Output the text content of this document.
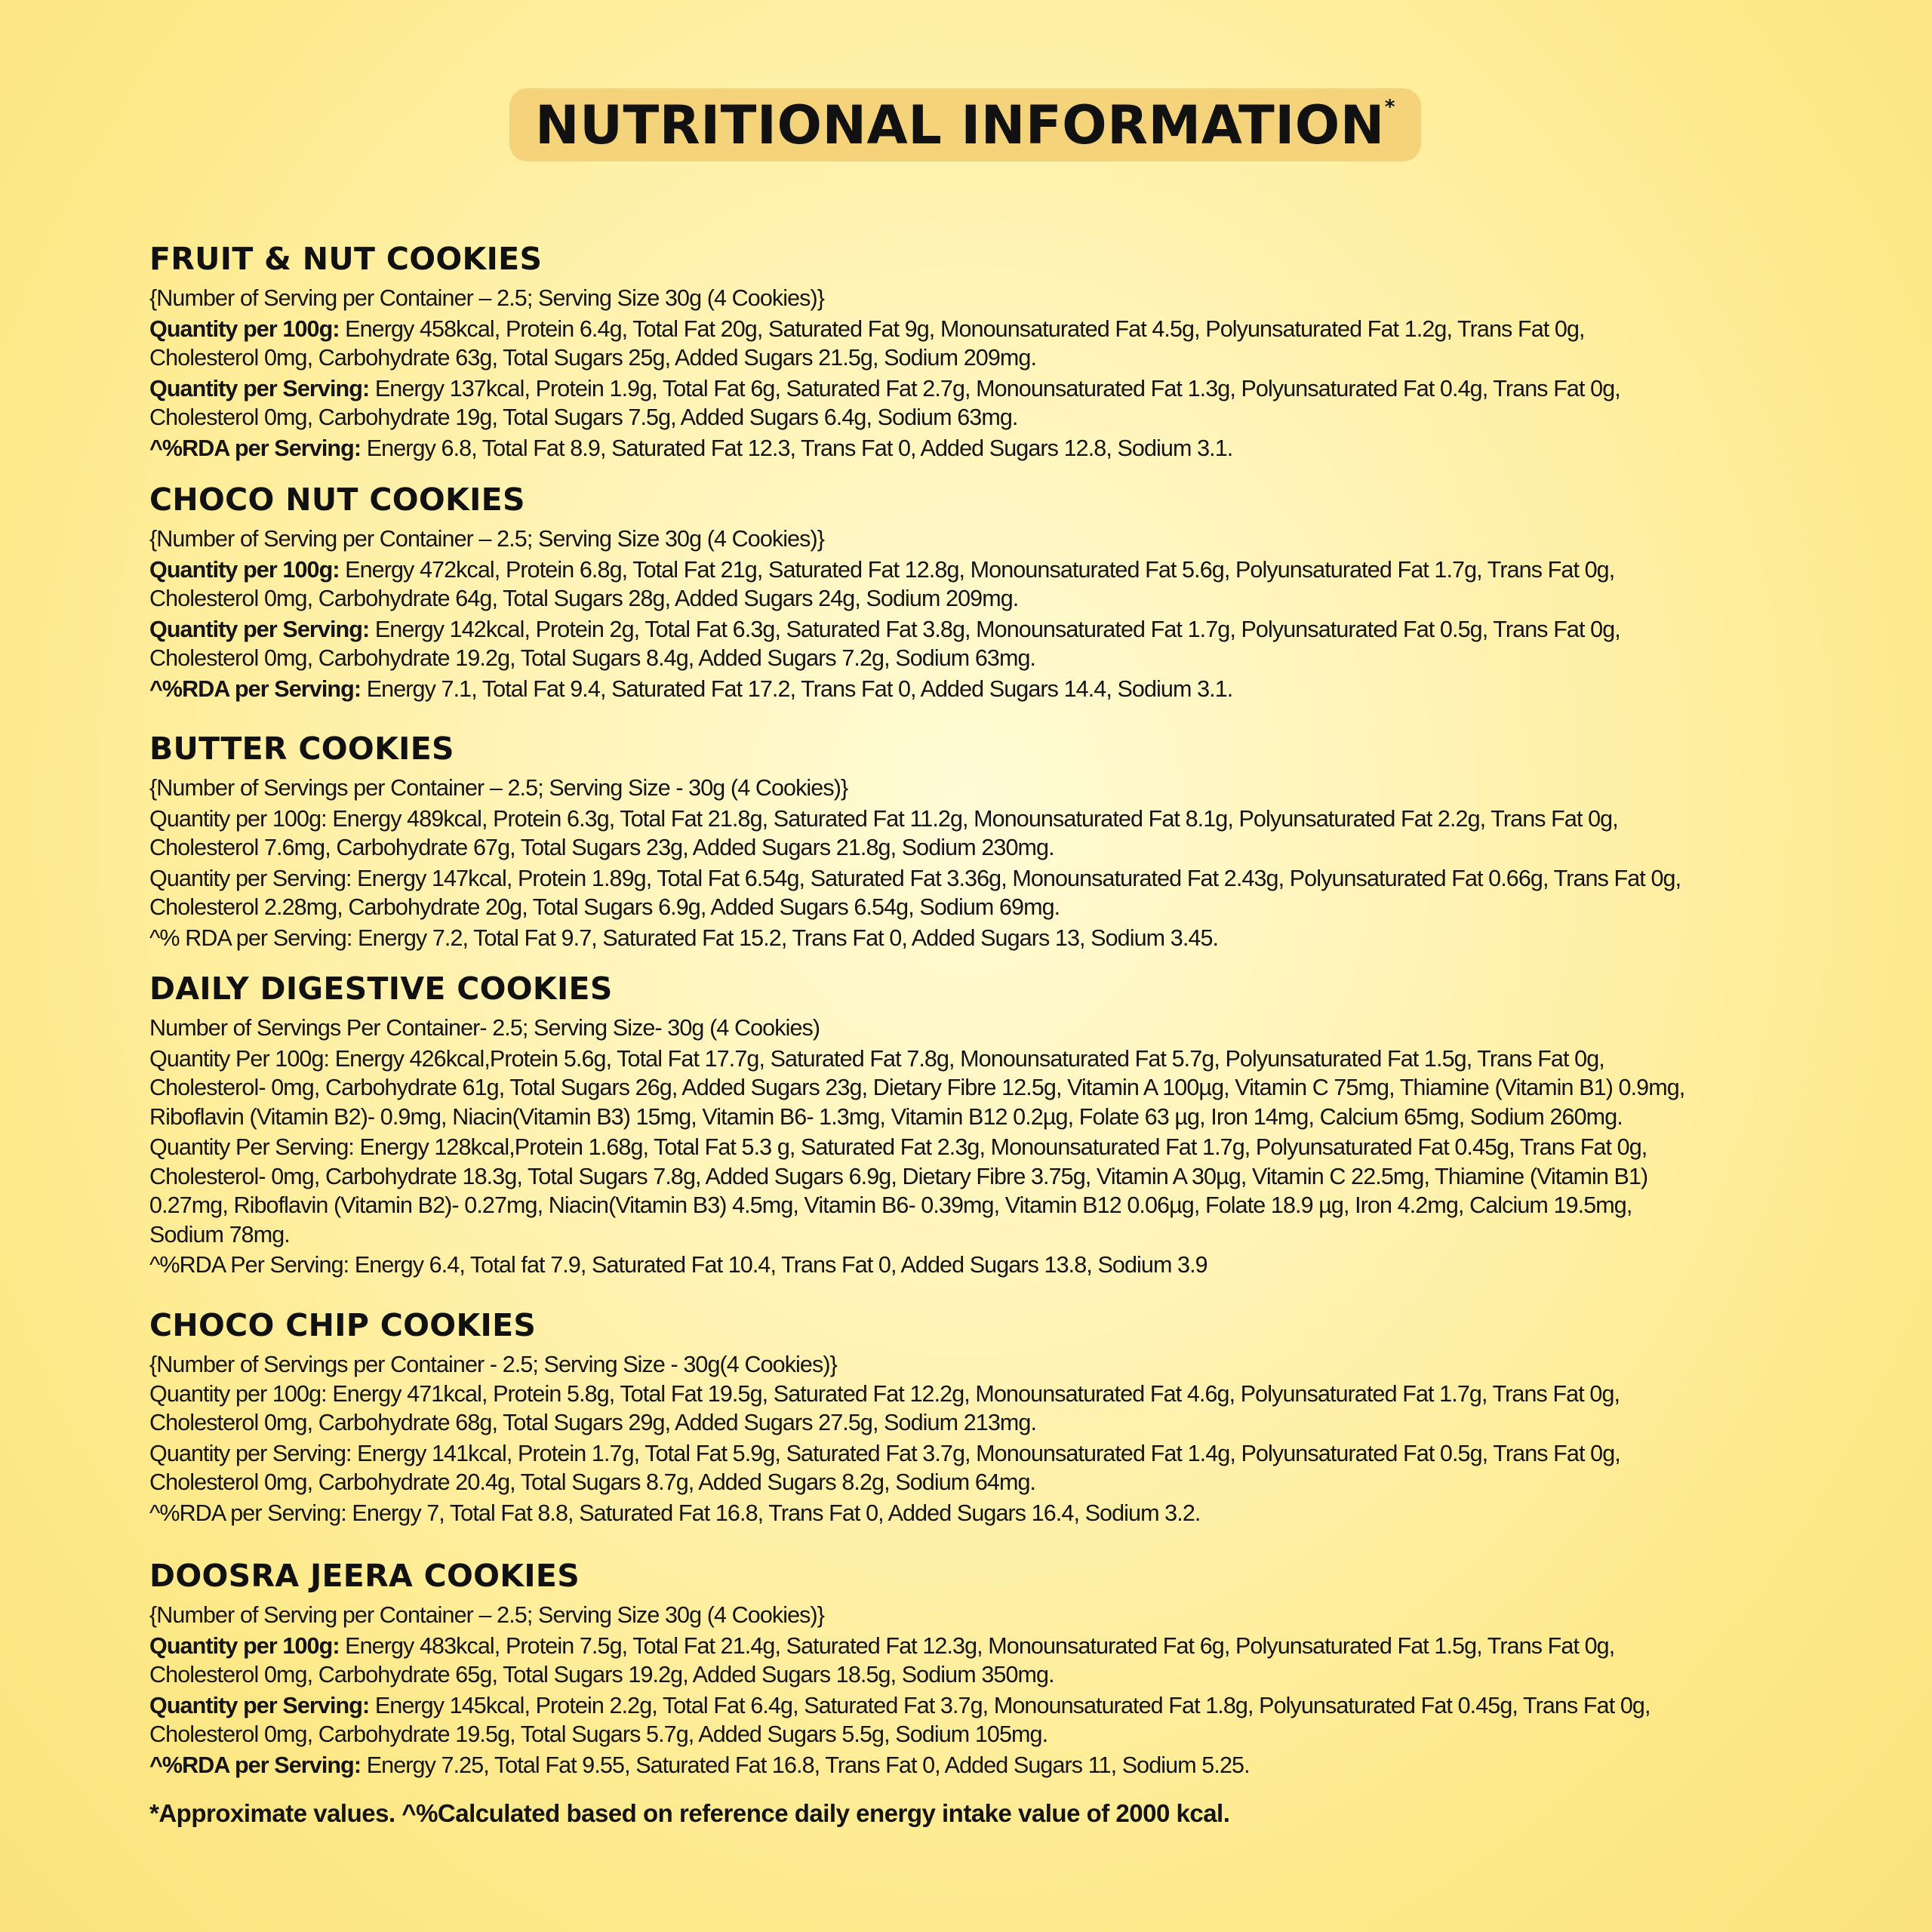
NUTRITIONAL INFORMATION*
FRUIT & NUT COOKIES
{Number of Serving per Container – 2.5; Serving Size 30g (4 Cookies)}
Quantity per 100g: Energy 458kcal, Protein 6.4g, Total Fat 20g, Saturated Fat 9g, Monounsaturated Fat 4.5g, Polyunsaturated Fat 1.2g, Trans Fat 0g,
Cholesterol 0mg, Carbohydrate 63g, Total Sugars 25g, Added Sugars 21.5g, Sodium 209mg.
Quantity per Serving: Energy 137kcal, Protein 1.9g, Total Fat 6g, Saturated Fat 2.7g, Monounsaturated Fat 1.3g, Polyunsaturated Fat 0.4g, Trans Fat 0g,
Cholesterol 0mg, Carbohydrate 19g, Total Sugars 7.5g, Added Sugars 6.4g, Sodium 63mg.
^%RDA per Serving: Energy 6.8, Total Fat 8.9, Saturated Fat 12.3, Trans Fat 0, Added Sugars 12.8, Sodium 3.1.
CHOCO NUT COOKIES
{Number of Serving per Container – 2.5; Serving Size 30g (4 Cookies)}
Quantity per 100g: Energy 472kcal, Protein 6.8g, Total Fat 21g, Saturated Fat 12.8g, Monounsaturated Fat 5.6g, Polyunsaturated Fat 1.7g, Trans Fat 0g,
Cholesterol 0mg, Carbohydrate 64g, Total Sugars 28g, Added Sugars 24g, Sodium 209mg.
Quantity per Serving: Energy 142kcal, Protein 2g, Total Fat 6.3g, Saturated Fat 3.8g, Monounsaturated Fat 1.7g, Polyunsaturated Fat 0.5g, Trans Fat 0g,
Cholesterol 0mg, Carbohydrate 19.2g, Total Sugars 8.4g, Added Sugars 7.2g, Sodium 63mg.
^%RDA per Serving: Energy 7.1, Total Fat 9.4, Saturated Fat 17.2, Trans Fat 0, Added Sugars 14.4, Sodium 3.1.
BUTTER COOKIES
{Number of Servings per Container – 2.5; Serving Size - 30g (4 Cookies)}
Quantity per 100g: Energy 489kcal, Protein 6.3g, Total Fat 21.8g, Saturated Fat 11.2g, Monounsaturated Fat 8.1g, Polyunsaturated Fat 2.2g, Trans Fat 0g,
Cholesterol 7.6mg, Carbohydrate 67g, Total Sugars 23g, Added Sugars 21.8g, Sodium 230mg.
Quantity per Serving: Energy 147kcal, Protein 1.89g, Total Fat 6.54g, Saturated Fat 3.36g, Monounsaturated Fat 2.43g, Polyunsaturated Fat 0.66g, Trans Fat 0g,
Cholesterol 2.28mg, Carbohydrate 20g, Total Sugars 6.9g, Added Sugars 6.54g, Sodium 69mg.
^% RDA per Serving: Energy 7.2, Total Fat 9.7, Saturated Fat 15.2, Trans Fat 0, Added Sugars 13, Sodium 3.45.
DAILY DIGESTIVE COOKIES
Number of Servings Per Container- 2.5; Serving Size- 30g (4 Cookies)
Quantity Per 100g: Energy 426kcal,Protein 5.6g, Total Fat 17.7g, Saturated Fat 7.8g, Monounsaturated Fat 5.7g, Polyunsaturated Fat 1.5g, Trans Fat 0g,
Cholesterol- 0mg, Carbohydrate 61g, Total Sugars 26g, Added Sugars 23g, Dietary Fibre 12.5g, Vitamin A 100µg, Vitamin C 75mg, Thiamine (Vitamin B1) 0.9mg,
Riboflavin (Vitamin B2)- 0.9mg, Niacin(Vitamin B3) 15mg, Vitamin B6- 1.3mg, Vitamin B12 0.2µg, Folate 63 µg, Iron 14mg, Calcium 65mg, Sodium 260mg.
Quantity Per Serving: Energy 128kcal,Protein 1.68g, Total Fat 5.3 g, Saturated Fat 2.3g, Monounsaturated Fat 1.7g, Polyunsaturated Fat 0.45g, Trans Fat 0g,
Cholesterol- 0mg, Carbohydrate 18.3g, Total Sugars 7.8g, Added Sugars 6.9g, Dietary Fibre 3.75g, Vitamin A 30µg, Vitamin C 22.5mg, Thiamine (Vitamin B1)
0.27mg, Riboflavin (Vitamin B2)- 0.27mg, Niacin(Vitamin B3) 4.5mg, Vitamin B6- 0.39mg, Vitamin B12 0.06µg, Folate 18.9 µg, Iron 4.2mg, Calcium 19.5mg,
Sodium 78mg.
^%RDA Per Serving: Energy 6.4, Total fat 7.9, Saturated Fat 10.4, Trans Fat 0, Added Sugars 13.8, Sodium 3.9
CHOCO CHIP COOKIES
{Number of Servings per Container - 2.5; Serving Size - 30g(4 Cookies)}
Quantity per 100g: Energy 471kcal, Protein 5.8g, Total Fat 19.5g, Saturated Fat 12.2g, Monounsaturated Fat 4.6g, Polyunsaturated Fat 1.7g, Trans Fat 0g,
Cholesterol 0mg, Carbohydrate 68g, Total Sugars 29g, Added Sugars 27.5g, Sodium 213mg.
Quantity per Serving: Energy 141kcal, Protein 1.7g, Total Fat 5.9g, Saturated Fat 3.7g, Monounsaturated Fat 1.4g, Polyunsaturated Fat 0.5g, Trans Fat 0g,
Cholesterol 0mg, Carbohydrate 20.4g, Total Sugars 8.7g, Added Sugars 8.2g, Sodium 64mg.
^%RDA per Serving: Energy 7, Total Fat 8.8, Saturated Fat 16.8, Trans Fat 0, Added Sugars 16.4, Sodium 3.2.
DOOSRA JEERA COOKIES
{Number of Serving per Container – 2.5; Serving Size 30g (4 Cookies)}
Quantity per 100g: Energy 483kcal, Protein 7.5g, Total Fat 21.4g, Saturated Fat 12.3g, Monounsaturated Fat 6g, Polyunsaturated Fat 1.5g, Trans Fat 0g,
Cholesterol 0mg, Carbohydrate 65g, Total Sugars 19.2g, Added Sugars 18.5g, Sodium 350mg.
Quantity per Serving: Energy 145kcal, Protein 2.2g, Total Fat 6.4g, Saturated Fat 3.7g, Monounsaturated Fat 1.8g, Polyunsaturated Fat 0.45g, Trans Fat 0g,
Cholesterol 0mg, Carbohydrate 19.5g, Total Sugars 5.7g, Added Sugars 5.5g, Sodium 105mg.
^%RDA per Serving: Energy 7.25, Total Fat 9.55, Saturated Fat 16.8, Trans Fat 0, Added Sugars 11, Sodium 5.25.
*Approximate values. ^%Calculated based on reference daily energy intake value of 2000 kcal.
